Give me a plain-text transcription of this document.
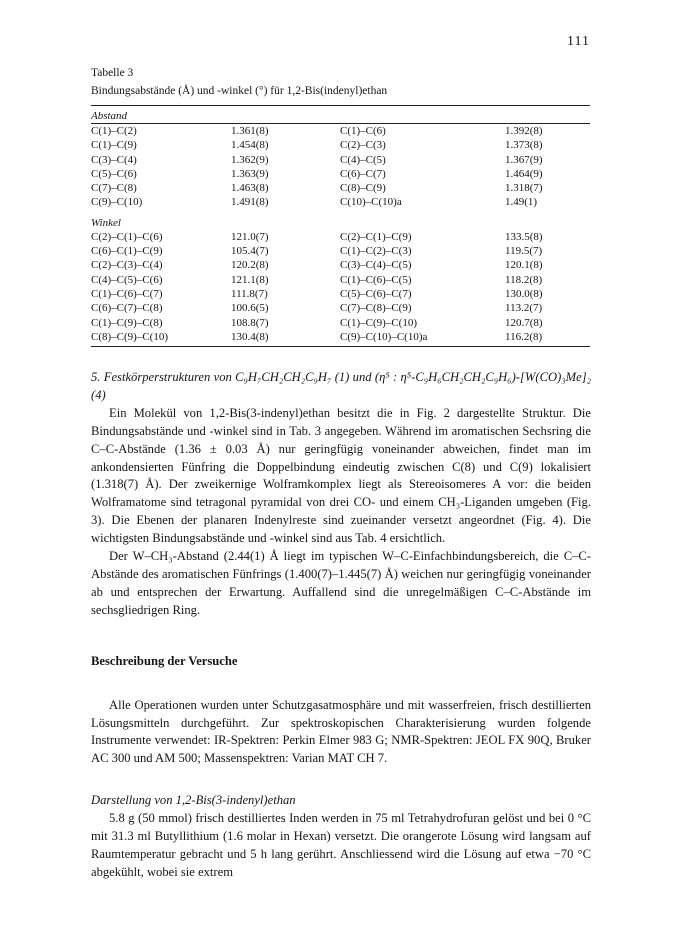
111
Tabelle 3
Bindungsabstände (Å) und -winkel (°) für 1,2-Bis(indenyl)ethan
Abstand
C(1)–C(2)	1.361(8)	C(1)–C(6)	1.392(8)
C(1)–C(9)	1.454(8)	C(2)–C(3)	1.373(8)
C(3)–C(4)	1.362(9)	C(4)–C(5)	1.367(9)
C(5)–C(6)	1.363(9)	C(6)–C(7)	1.464(9)
C(7)–C(8)	1.463(8)	C(8)–C(9)	1.318(7)
C(9)–C(10)	1.491(8)	C(10)–C(10)a	1.49(1)
Winkel
C(2)–C(1)–C(6)	121.0(7)	C(2)–C(1)–C(9)	133.5(8)
C(6)–C(1)–C(9)	105.4(7)	C(1)–C(2)–C(3)	119.5(7)
C(2)–C(3)–C(4)	120.2(8)	C(3)–C(4)–C(5)	120.1(8)
C(4)–C(5)–C(6)	121.1(8)	C(1)–C(6)–C(5)	118.2(8)
C(1)–C(6)–C(7)	111.8(7)	C(5)–C(6)–C(7)	130.0(8)
C(6)–C(7)–C(8)	100.6(5)	C(7)–C(8)–C(9)	113.2(7)
C(1)–C(9)–C(8)	108.8(7)	C(1)–C(9)–C(10)	120.7(8)
C(8)–C(9)–C(10)	130.4(8)	C(9)–C(10)–C(10)a	116.2(8)

5. Festkörperstrukturen von C₉H₇CH₂CH₂C₉H₇ (1) und (η⁵ : η⁵-C₉H₆CH₂CH₂C₉H₆)-[W(CO)₃Me]₂ (4)

Ein Molekül von 1,2-Bis(3-indenyl)ethan besitzt die in Fig. 2 dargestellte Struktur. Die Bindungsabstände und -winkel sind in Tab. 3 angegeben. Während im aromatischen Sechsring die C–C-Abstände (1.36 ± 0.03 Å) nur geringfügig voneinander abweichen, findet man im ankondensierten Fünfring die Doppelbindung eindeutig zwischen C(8) und C(9) lokalisiert (1.318(7) Å). Der zweikernige Wolframkomplex liegt als Stereoisomeres A vor: die beiden Wolframatome sind tetragonal pyramidal von drei CO- und einem CH₃-Liganden umgeben (Fig. 3). Die Ebenen der planaren Indenylreste sind zueinander versetzt angeordnet (Fig. 4). Die wichtigsten Bindungsabstände und -winkel sind aus Tab. 4 ersichtlich.

Der W–CH₃-Abstand (2.44(1) Å liegt im typischen W–C-Einfachbindungsbereich, die C–C-Abstände des aromatischen Fünfrings (1.400(7)–1.445(7) Å) weichen nur geringfügig voneinander ab und entsprechen der Erwartung. Auffallend sind die unregelmäßigen C–C-Abstände im sechsgliedrigen Ring.

Beschreibung der Versuche

Alle Operationen wurden unter Schutzgasatmosphäre und mit wasserfreien, frisch destillierten Lösungsmitteln durchgeführt. Zur spektroskopischen Charakterisierung wurden folgende Instrumente verwendet: IR-Spektren: Perkin Elmer 983 G; NMR-Spektren: JEOL FX 90Q, Bruker AC 300 und AM 500; Massenspektren: Varian MAT CH 7.

Darstellung von 1,2-Bis(3-indenyl)ethan

5.8 g (50 mmol) frisch destilliertes Inden werden in 75 ml Tetrahydrofuran gelöst und bei 0 °C mit 31.3 ml Butyllithium (1.6 molar in Hexan) versetzt. Die orangerote Lösung wird langsam auf Raumtemperatur gebracht und 5 h lang gerührt. Anschliessend wird die Lösung auf etwa −70 °C abgekühlt, wobei sie extrem
